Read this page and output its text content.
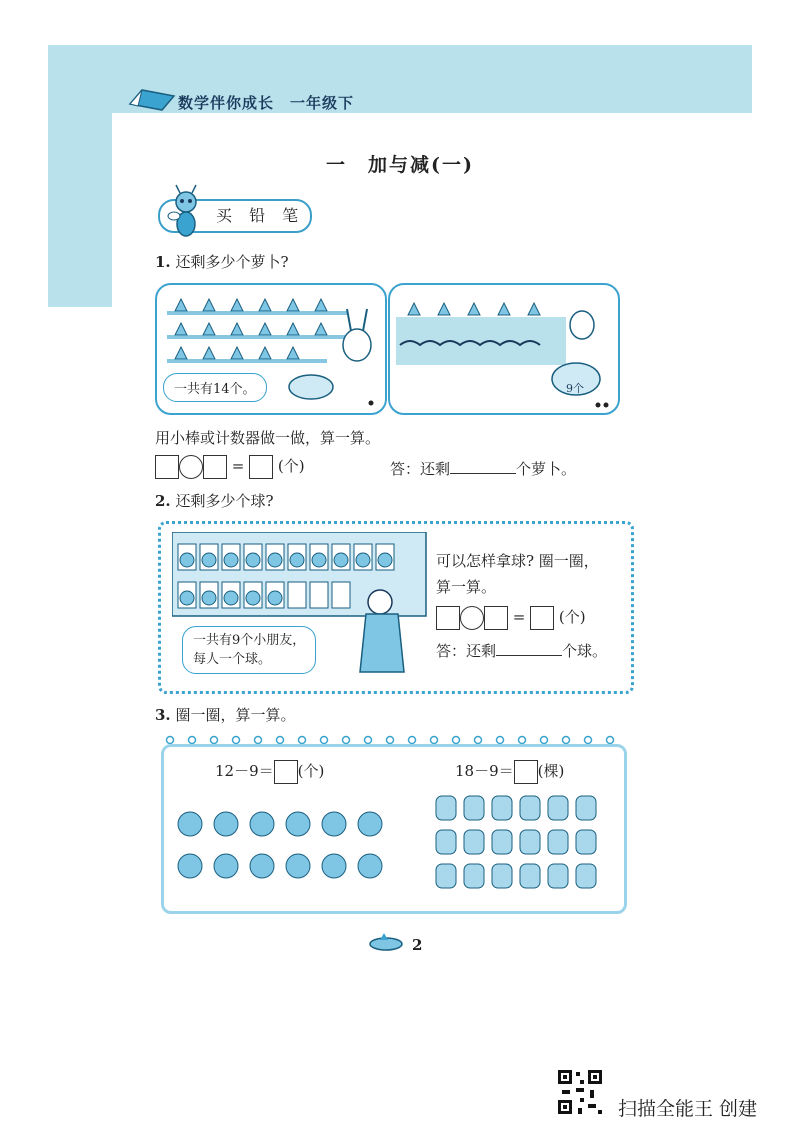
数学伴你成长　一年级下
一　加与减(一)
买 铅 笔
1. 还剩多少个萝卜?
一共有14个。	9个
用小棒或计数器做一做，算一算。
= (个)	答：还剩	个萝卜。
2. 还剩多少个球?
一共有9个小朋友，
每人一个球。
可以怎样拿球? 圈一圈，
算一算。
= (个)
答：还剩	个球。
3. 圈一圈，算一算。
12－9＝ (个)	18－9＝ (棵)
2
扫描全能王 创建
